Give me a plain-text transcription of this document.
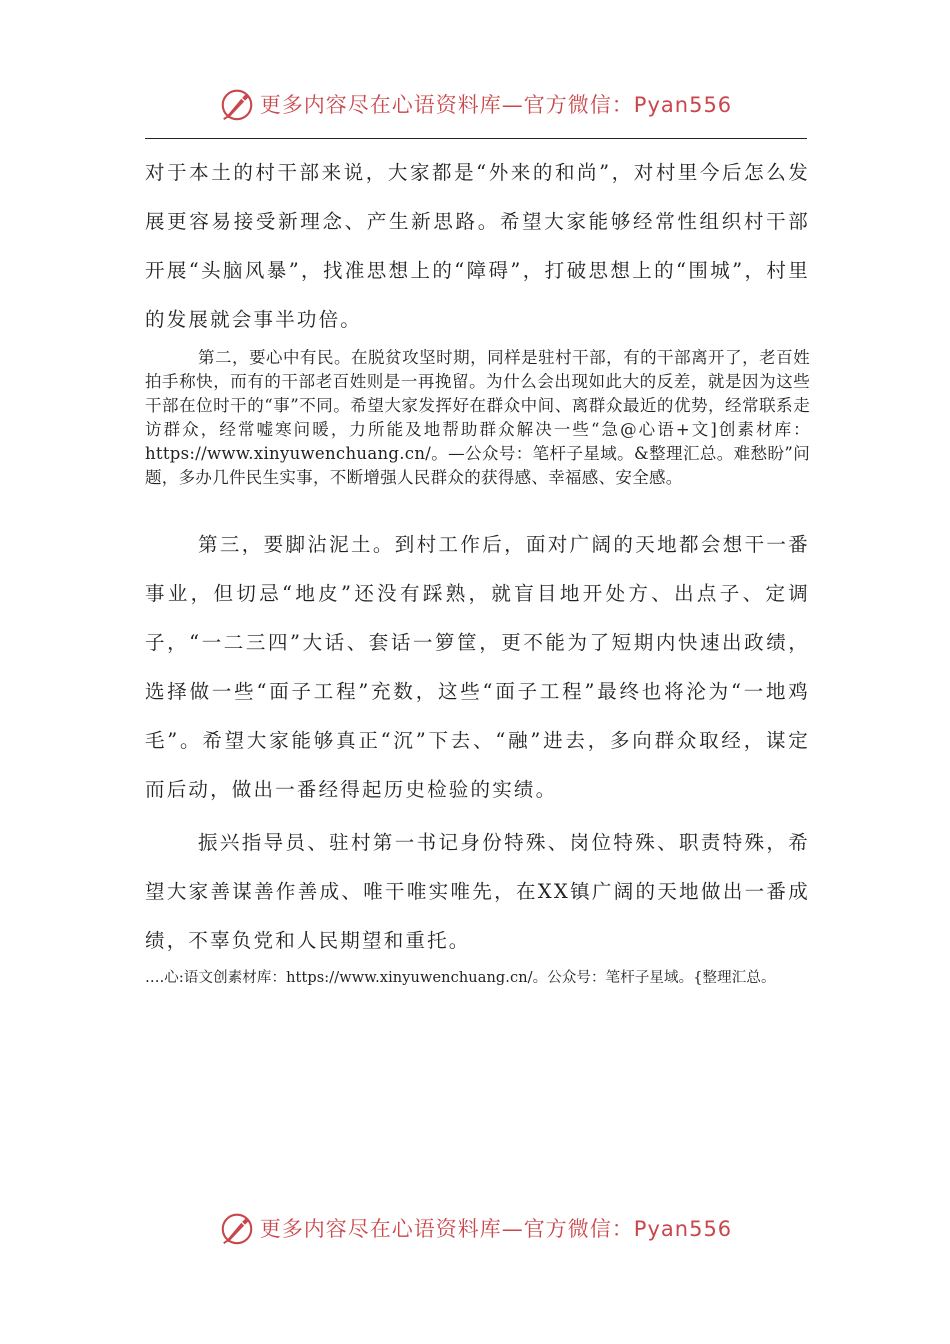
更多内容尽在心语资料库—官方微信：Pyan556

对于本土的村干部来说，大家都是“外来的和尚”，对村里今后怎么发展更容易接受新理念、产生新思路。希望大家能够经常性组织村干部开展“头脑风暴”，找准思想上的“障碍”，打破思想上的“围城”，村里的发展就会事半功倍。

第二，要心中有民。在脱贫攻坚时期，同样是驻村干部，有的干部离开了，老百姓拍手称快，而有的干部老百姓则是一再挽留。为什么会出现如此大的反差，就是因为这些干部在位时干的“事”不同。希望大家发挥好在群众中间、离群众最近的优势，经常联系走访群众，经常嘘寒问暖，力所能及地帮助群众解决一些“急@心语+文]创素材库：https://www.xinyuwenchuang.cn/。—公众号：笔杆子星域。&整理汇总。难愁盼”问题，多办几件民生实事，不断增强人民群众的获得感、幸福感、安全感。

第三，要脚沾泥土。到村工作后，面对广阔的天地都会想干一番事业，但切忌“地皮”还没有踩熟，就盲目地开处方、出点子、定调子，“一二三四”大话、套话一箩筐，更不能为了短期内快速出政绩，选择做一些“面子工程”充数，这些“面子工程”最终也将沦为“一地鸡毛”。希望大家能够真正“沉”下去、“融”进去，多向群众取经，谋定而后动，做出一番经得起历史检验的实绩。

振兴指导员、驻村第一书记身份特殊、岗位特殊、职责特殊，希望大家善谋善作善成、唯干唯实唯先，在XX镇广阔的天地做出一番成绩，不辜负党和人民期望和重托。

….心:语文创素材库：https://www.xinyuwenchuang.cn/。公众号：笔杆子星域。{整理汇总。

更多内容尽在心语资料库—官方微信：Pyan556
